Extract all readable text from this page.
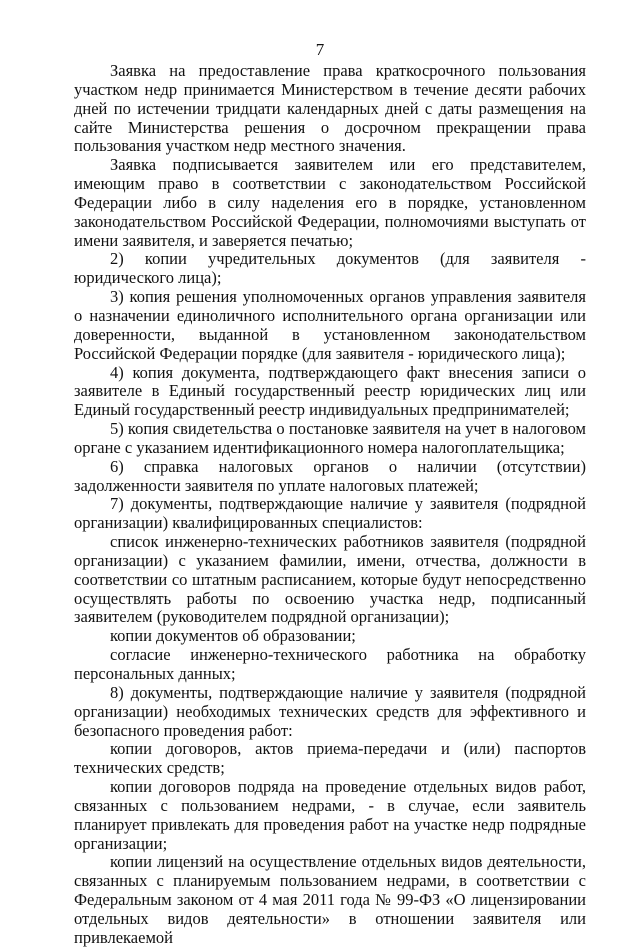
7

Заявка на предоставление права краткосрочного пользования участком недр принимается Министерством в течение десяти рабочих дней по истечении тридцати календарных дней с даты размещения на сайте Министерства решения о досрочном прекращении права пользования участком недр местного значения.

Заявка подписывается заявителем или его представителем, имеющим право в соответствии с законодательством Российской Федерации либо в силу наделения его в порядке, установленном законодательством Российской Федерации, полномочиями выступать от имени заявителя, и заверяется печатью;

2) копии учредительных документов (для заявителя - юридического лица);

3) копия решения уполномоченных органов управления заявителя о назначении единоличного исполнительного органа организации или доверенности, выданной в установленном законодательством Российской Федерации порядке (для заявителя - юридического лица);

4) копия документа, подтверждающего факт внесения записи о заявителе в Единый государственный реестр юридических лиц или Единый государственный реестр индивидуальных предпринимателей;

5) копия свидетельства о постановке заявителя на учет в налоговом органе с указанием идентификационного номера налогоплательщика;

6) справка налоговых органов о наличии (отсутствии) задолженности заявителя по уплате налоговых платежей;

7) документы, подтверждающие наличие у заявителя (подрядной организации) квалифицированных специалистов:

список инженерно-технических работников заявителя (подрядной организации) с указанием фамилии, имени, отчества, должности в соответствии со штатным расписанием, которые будут непосредственно осуществлять работы по освоению участка недр, подписанный заявителем (руководителем подрядной организации);

копии документов об образовании;

согласие инженерно-технического работника на обработку персональных данных;

8) документы, подтверждающие наличие у заявителя (подрядной организации) необходимых технических средств для эффективного и безопасного проведения работ:

копии договоров, актов приема-передачи и (или) паспортов технических средств;

копии договоров подряда на проведение отдельных видов работ, связанных с пользованием недрами, - в случае, если заявитель планирует привлекать для проведения работ на участке недр подрядные организации;

копии лицензий на осуществление отдельных видов деятельности, связанных с планируемым пользованием недрами, в соответствии с Федеральным законом от 4 мая 2011 года № 99-ФЗ «О лицензировании отдельных видов деятельности» в отношении заявителя или привлекаемой
